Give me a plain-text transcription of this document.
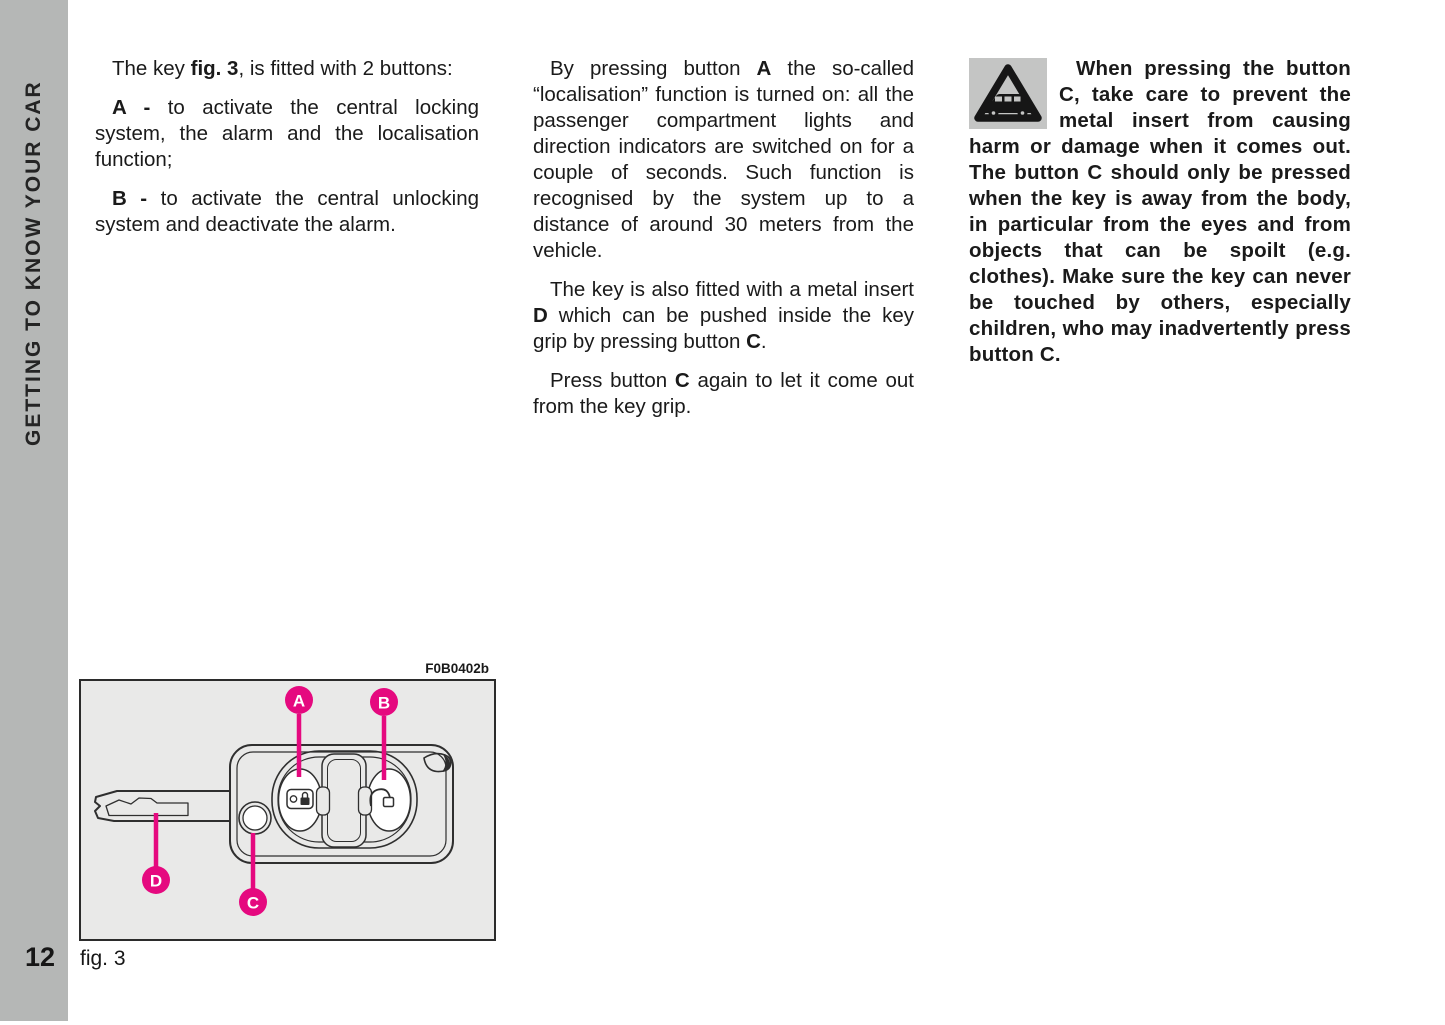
GETTING TO KNOW YOUR CAR

The key fig. 3, is fitted with 2 buttons:

A - to activate the central locking system, the alarm and the localisation function;

B - to activate the central unlocking system and deactivate the alarm.

By pressing button A the so-called “localisation” function is turned on: all the passenger compartment lights and direction indicators are switched on for a couple of seconds. Such function is recognised by the system up to a distance of around 30 meters from the vehicle.

The key is also fitted with a metal insert D which can be pushed inside the key grip by pressing button C.

Press button C again to let it come out from the key grip.

When pressing the button C, take care to prevent the metal insert from causing harm or damage when it comes out. The button C should only be pressed when the key is away from the body, in particular from the eyes and from objects that can be spoilt (e.g. clothes). Make sure the key can never be touched by others, especially children, who may inadvertently press button C.

F0B0402b
A	B
C
D
12 fig. 3
